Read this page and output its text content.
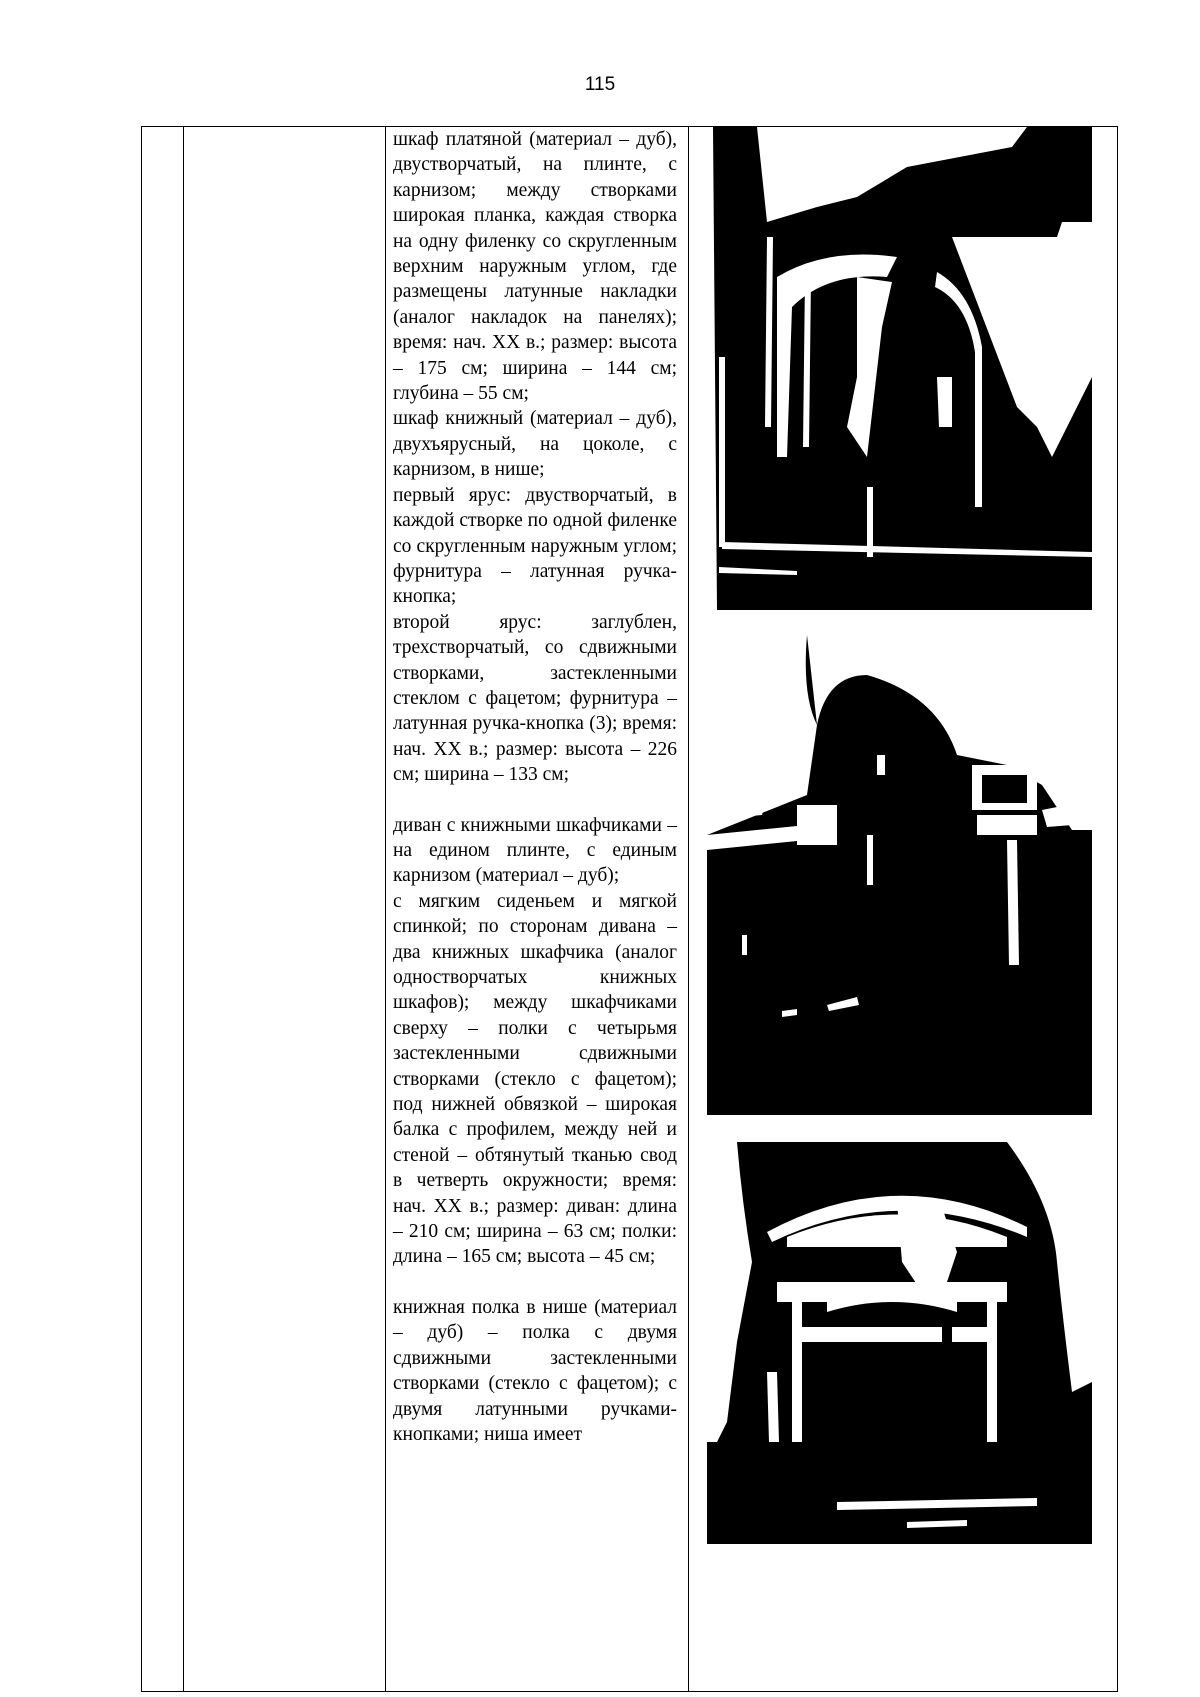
115

шкаф платяной (материал – дуб), двустворчатый, на плинте, с карнизом; между створками широкая планка, каждая створка на одну филенку со скругленным верхним наружным углом, где размещены латунные накладки (аналог накладок на панелях); время: нач. XX в.; размер: высота – 175 см; ширина – 144 см; глубина – 55 см;

шкаф книжный (материал – дуб), двухъярусный, на цоколе, с карнизом, в нише;

первый ярус: двустворчатый, в каждой створке по одной филенке со скругленным наружным углом; фурнитура – латунная ручка-кнопка;

второй ярус: заглублен, трехстворчатый, со сдвижными створками, застекленными стеклом с фацетом; фурнитура – латунная ручка-кнопка (3); время: нач. XX в.; размер: высота – 226 см; ширина – 133 см;

диван с книжными шкафчиками – на едином плинте, с единым карнизом (материал – дуб);

с мягким сиденьем и мягкой спинкой; по сторонам дивана – два книжных шкафчика (аналог одностворчатых книжных шкафов); между шкафчиками сверху – полки с четырьмя застекленными сдвижными створками (стекло с фацетом); под нижней обвязкой – широкая балка с профилем, между ней и стеной – обтянутый тканью свод в четверть окружности; время: нач. XX в.; размер: диван: длина – 210 см; ширина – 63 см; полки: длина – 165 см; высота – 45 см;

книжная полка в нише (материал – дуб) – полка с двумя сдвижными застекленными створками (стекло с фацетом); с двумя латунными ручками-кнопками; ниша имеет
